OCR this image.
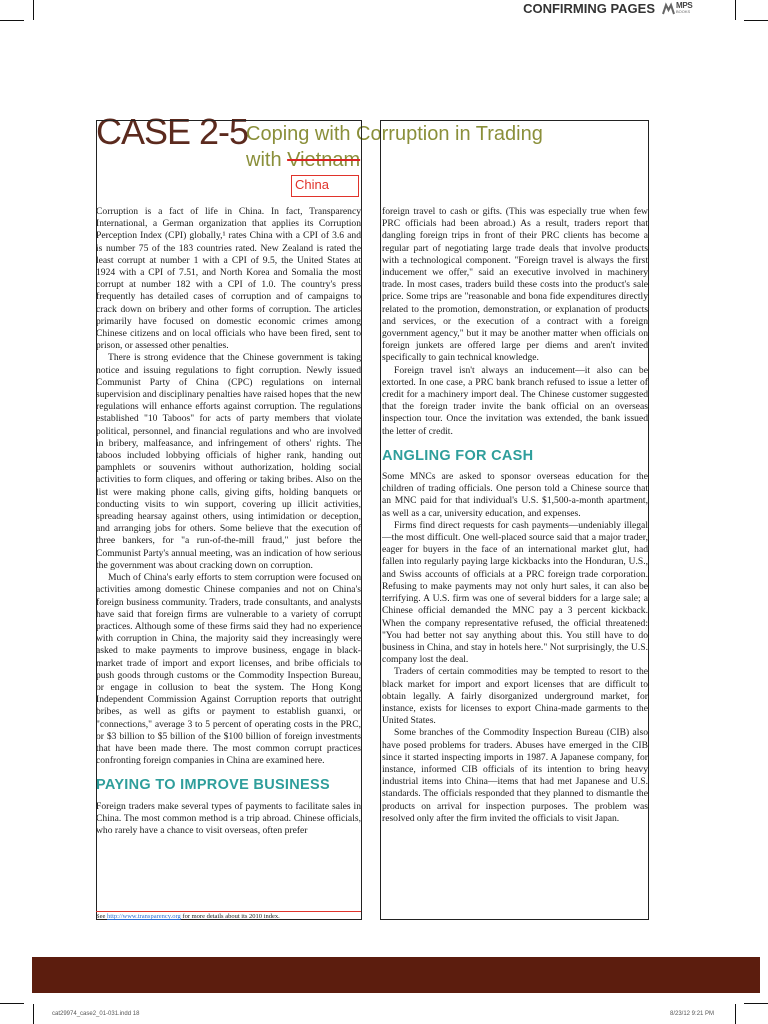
CONFIRMING PAGES	MPS
BOOKS
CASE 2-5
Coping with Corruption in Trading
with Vietnam
China

Corruption is a fact of life in China. In fact, Transparency International, a German organization that applies its Corruption Perception Index (CPI) globally,¹ rates China with a CPI of 3.6 and is number 75 of the 183 countries rated. New Zealand is rated the least corrupt at number 1 with a CPI of 9.5, the United States at 1924 with a CPI of 7.51, and North Korea and Somalia the most corrupt at number 182 with a CPI of 1.0. The country's press frequently has detailed cases of corruption and of campaigns to crack down on bribery and other forms of corruption. The articles primarily have focused on domestic economic crimes among Chinese citizens and on local officials who have been fired, sent to prison, or assessed other penalties.

There is strong evidence that the Chinese government is taking notice and issuing regulations to fight corruption. Newly issued Communist Party of China (CPC) regulations on internal supervision and disciplinary penalties have raised hopes that the new regulations will enhance efforts against corruption. The regulations established "10 Taboos" for acts of party members that violate political, personnel, and financial regulations and who are involved in bribery, malfeasance, and infringement of others' rights. The taboos included lobbying officials of higher rank, handing out pamphlets or souvenirs without authorization, holding social activities to form cliques, and offering or taking bribes. Also on the list were making phone calls, giving gifts, holding banquets or conducting visits to win support, covering up illicit activities, spreading hearsay against others, using intimidation or deception, and arranging jobs for others. Some believe that the execution of three bankers, for "a run-of-the-mill fraud," just before the Communist Party's annual meeting, was an indication of how serious the government was about cracking down on corruption.

Much of China's early efforts to stem corruption were focused on activities among domestic Chinese companies and not on China's foreign business community. Traders, trade consultants, and analysts have said that foreign firms are vulnerable to a variety of corrupt practices. Although some of these firms said they had no experience with corruption in China, the majority said they increasingly were asked to make payments to improve business, engage in black-market trade of import and export licenses, and bribe officials to push goods through customs or the Commodity Inspection Bureau, or engage in collusion to beat the system. The Hong Kong Independent Commission Against Corruption reports that outright bribes, as well as gifts or payment to establish guanxi, or "connections," average 3 to 5 percent of operating costs in the PRC, or $3 billion to $5 billion of the $100 billion of foreign investments that have been made there. The most common corrupt practices confronting foreign companies in China are examined here.

PAYING TO IMPROVE BUSINESS

Foreign traders make several types of payments to facilitate sales in China. The most common method is a trip abroad. Chinese officials, who rarely have a chance to visit overseas, often prefer

foreign travel to cash or gifts. (This was especially true when few PRC officials had been abroad.) As a result, traders report that dangling foreign trips in front of their PRC clients has become a regular part of negotiating large trade deals that involve products with a technological component. "Foreign travel is always the first inducement we offer," said an executive involved in machinery trade. In most cases, traders build these costs into the product's sale price. Some trips are "reasonable and bona fide expenditures directly related to the promotion, demonstration, or explanation of products and services, or the execution of a contract with a foreign government agency," but it may be another matter when officials on foreign junkets are offered large per diems and aren't invited specifically to gain technical knowledge.

Foreign travel isn't always an inducement—it also can be extorted. In one case, a PRC bank branch refused to issue a letter of credit for a machinery import deal. The Chinese customer suggested that the foreign trader invite the bank official on an overseas inspection tour. Once the invitation was extended, the bank issued the letter of credit.

ANGLING FOR CASH

Some MNCs are asked to sponsor overseas education for the children of trading officials. One person told a Chinese source that an MNC paid for that individual's U.S. $1,500-a-month apartment, as well as a car, university education, and expenses.

Firms find direct requests for cash payments—undeniably illegal—the most difficult. One well-placed source said that a major trader, eager for buyers in the face of an international market glut, had fallen into regularly paying large kickbacks into the Honduran, U.S., and Swiss accounts of officials at a PRC foreign trade corporation. Refusing to make payments may not only hurt sales, it can also be terrifying. A U.S. firm was one of several bidders for a large sale; a Chinese official demanded the MNC pay a 3 percent kickback. When the company representative refused, the official threatened: "You had better not say anything about this. You still have to do business in China, and stay in hotels here." Not surprisingly, the U.S. company lost the deal.

Traders of certain commodities may be tempted to resort to the black market for import and export licenses that are difficult to obtain legally. A fairly disorganized underground market, for instance, exists for licenses to export China-made garments to the United States.

Some branches of the Commodity Inspection Bureau (CIB) also have posed problems for traders. Abuses have emerged in the CIB since it started inspecting imports in 1987. A Japanese company, for instance, informed CIB officials of its intention to bring heavy industrial items into China—items that had met Japanese and U.S. standards. The officials responded that they planned to dismantle the products on arrival for inspection purposes. The problem was resolved only after the firm invited the officials to visit Japan.

See http://www.transparency.org for more details about its 2010 index.
cat29974_case2_01-031.indd 18	8/23/12 9:21 PM
